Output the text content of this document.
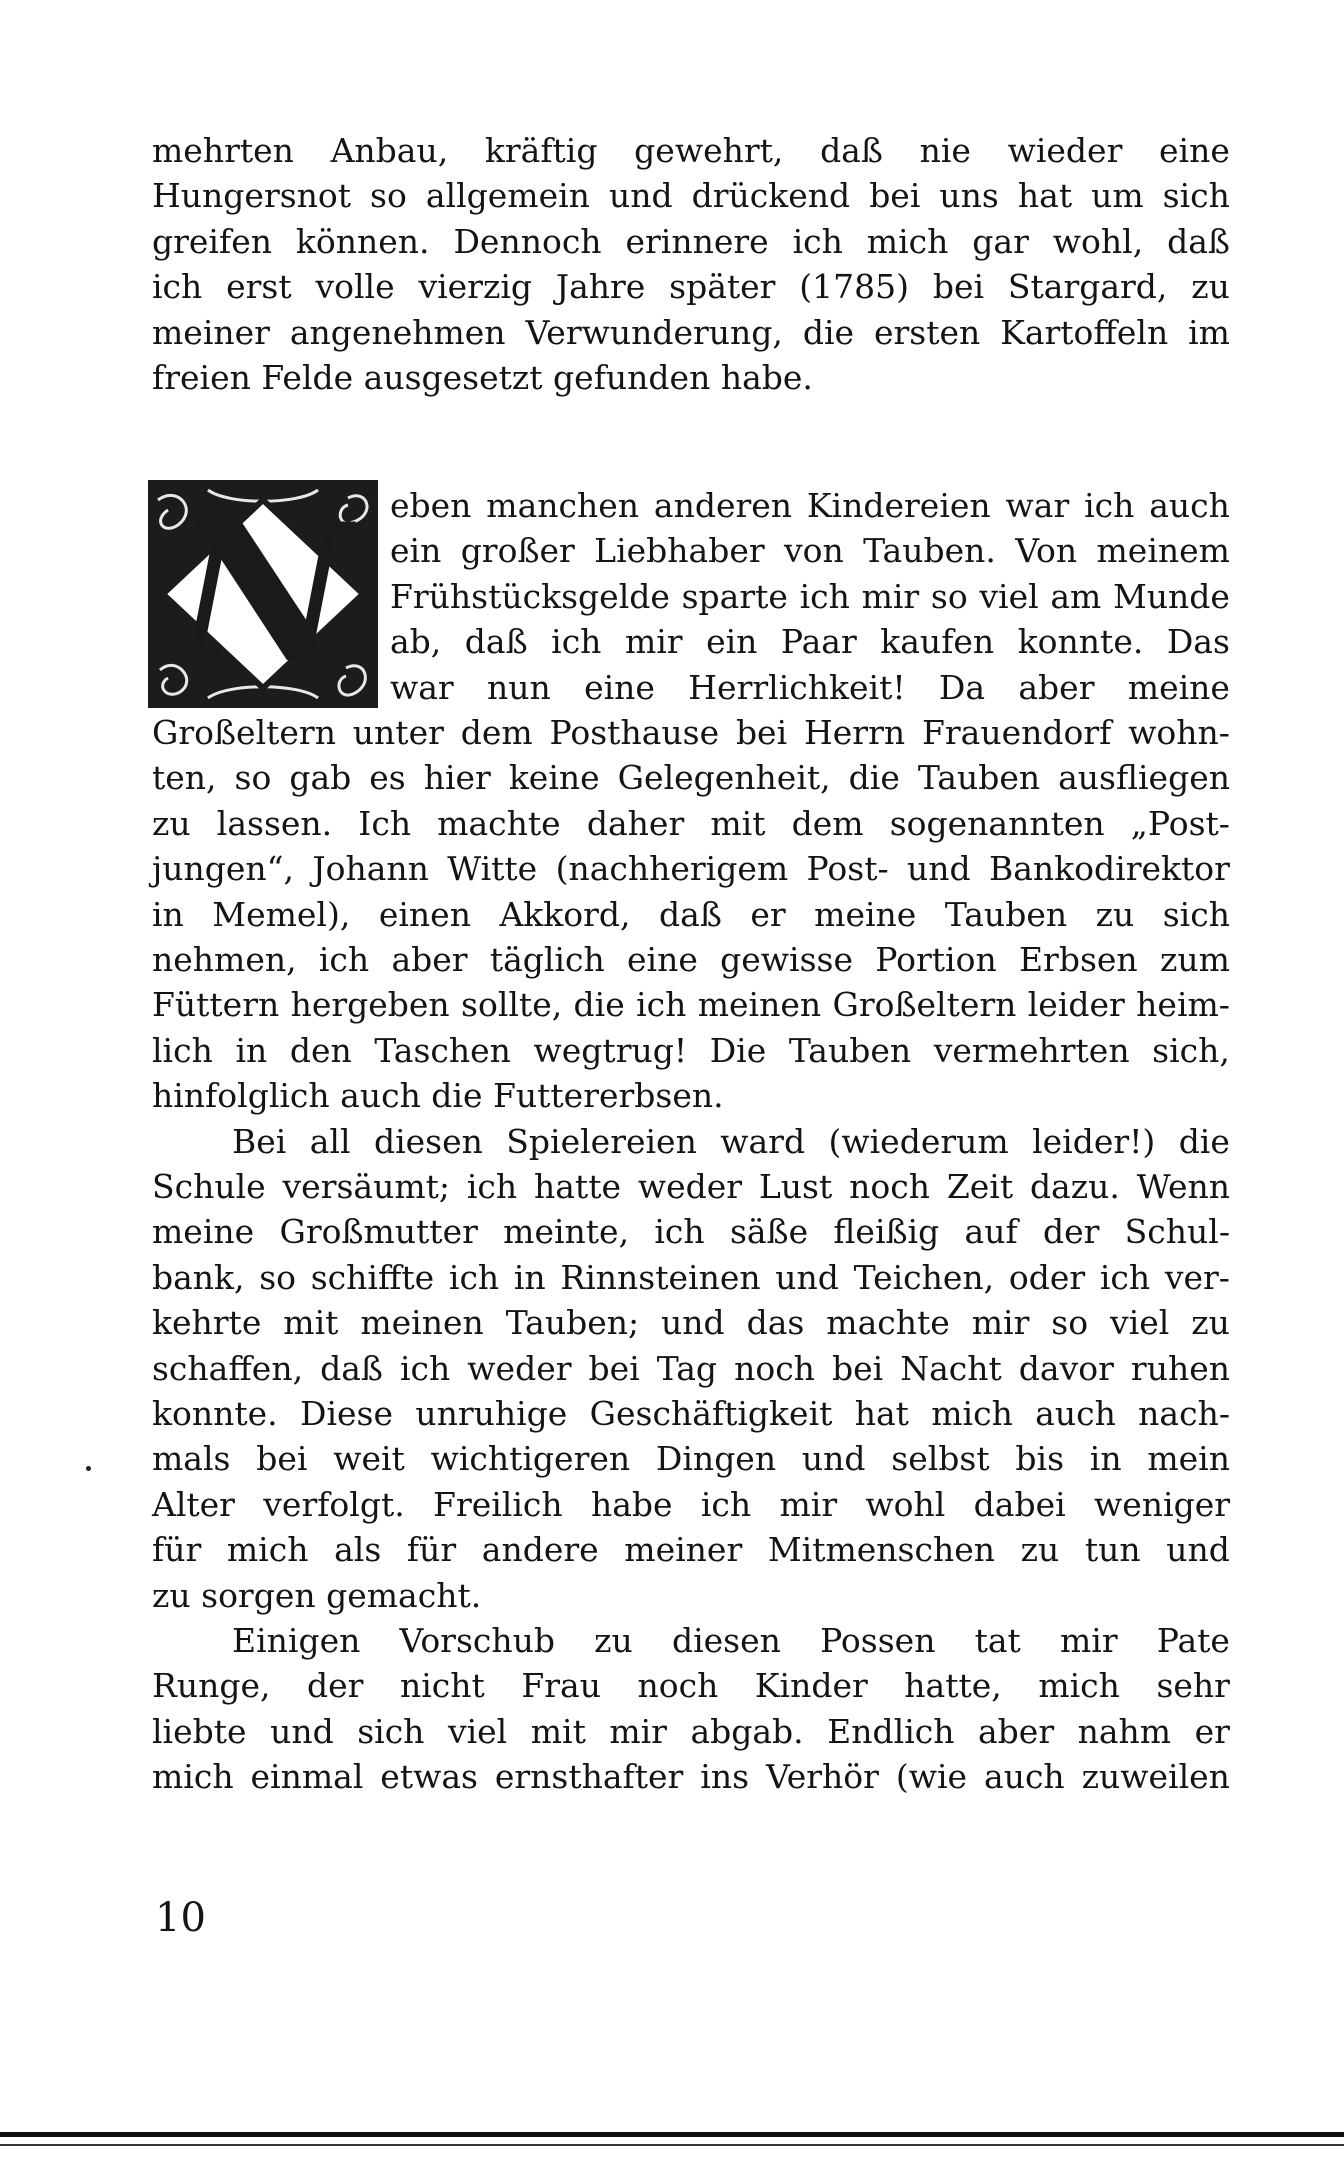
mehrten Anbau, kräftig gewehrt, daß nie wieder eine
Hungersnot so allgemein und drückend bei uns hat um sich
greifen können. Dennoch erinnere ich mich gar wohl, daß
ich erst volle vierzig Jahre später (1785) bei Stargard, zu
meiner angenehmen Verwunderung, die ersten Kartoffeln im
freien Felde ausgesetzt gefunden habe.
eben manchen anderen Kindereien war ich auch
ein großer Liebhaber von Tauben. Von meinem
Frühstücksgelde sparte ich mir so viel am Munde
ab, daß ich mir ein Paar kaufen konnte. Das
war nun eine Herrlichkeit! Da aber meine
Großeltern unter dem Posthause bei Herrn Frauendorf wohn-
ten, so gab es hier keine Gelegenheit, die Tauben ausfliegen
zu lassen. Ich machte daher mit dem sogenannten „Post-
jungen“, Johann Witte (nachherigem Post- und Bankodirektor
in Memel), einen Akkord, daß er meine Tauben zu sich
nehmen, ich aber täglich eine gewisse Portion Erbsen zum
Füttern hergeben sollte, die ich meinen Großeltern leider heim-
lich in den Taschen wegtrug! Die Tauben vermehrten sich,
hinfolglich auch die Futtererbsen.
Bei all diesen Spielereien ward (wiederum leider!) die
Schule versäumt; ich hatte weder Lust noch Zeit dazu. Wenn
meine Großmutter meinte, ich säße fleißig auf der Schul-
bank, so schiffte ich in Rinnsteinen und Teichen, oder ich ver-
kehrte mit meinen Tauben; und das machte mir so viel zu
schaffen, daß ich weder bei Tag noch bei Nacht davor ruhen
konnte. Diese unruhige Geschäftigkeit hat mich auch nach-
mals bei weit wichtigeren Dingen und selbst bis in mein
Alter verfolgt. Freilich habe ich mir wohl dabei weniger
für mich als für andere meiner Mitmenschen zu tun und
zu sorgen gemacht.
Einigen Vorschub zu diesen Possen tat mir Pate
Runge, der nicht Frau noch Kinder hatte, mich sehr
liebte und sich viel mit mir abgab. Endlich aber nahm er
mich einmal etwas ernsthafter ins Verhör (wie auch zuweilen
N
10
